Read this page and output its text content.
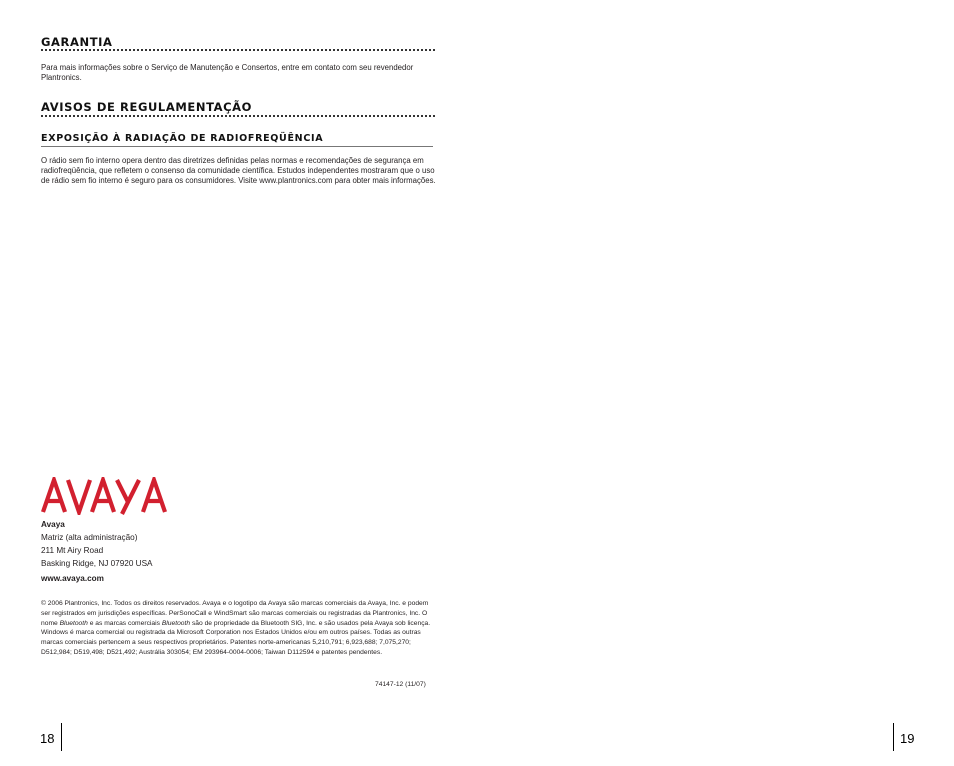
GARANTIA

Para mais informações sobre o Serviço de Manutenção e Consertos, entre em contato com seu revendedor Plantronics.

AVISOS DE REGULAMENTAÇÃO
EXPOSIÇÃO À RADIAÇÃO DE RADIOFREQÜÊNCIA

O rádio sem fio interno opera dentro das diretrizes definidas pelas normas e recomendações de segurança em radiofreqüência, que refletem o consenso da comunidade científica. Estudos independentes mostraram que o uso de rádio sem fio interno é seguro para os consumidores. Visite www.plantronics.com para obter mais informações.

Avaya
Matriz (alta administração)
211 Mt Airy Road
Basking Ridge, NJ 07920 USA
www.avaya.com

© 2006 Plantronics, Inc. Todos os direitos reservados. Avaya e o logotipo da Avaya são marcas comerciais da Avaya, Inc. e podem ser registrados em jurisdições específicas. PerSonoCall e WindSmart são marcas comerciais ou registradas da Plantronics, Inc. O nome Bluetooth e as marcas comerciais Bluetooth são de propriedade da Bluetooth SIG, Inc. e são usados pela Avaya sob licença. Windows é marca comercial ou registrada da Microsoft Corporation nos Estados Unidos e/ou em outros países. Todas as outras marcas comerciais pertencem a seus respectivos proprietários. Patentes norte-americanas 5,210,791; 6,923,688; 7,075,270; D512,984; D519,498; D521,492; Austrália 303054; EM 293964-0004-0006; Taiwan D112594 e patentes pendentes.

74147-12 (11/07)

18	19
